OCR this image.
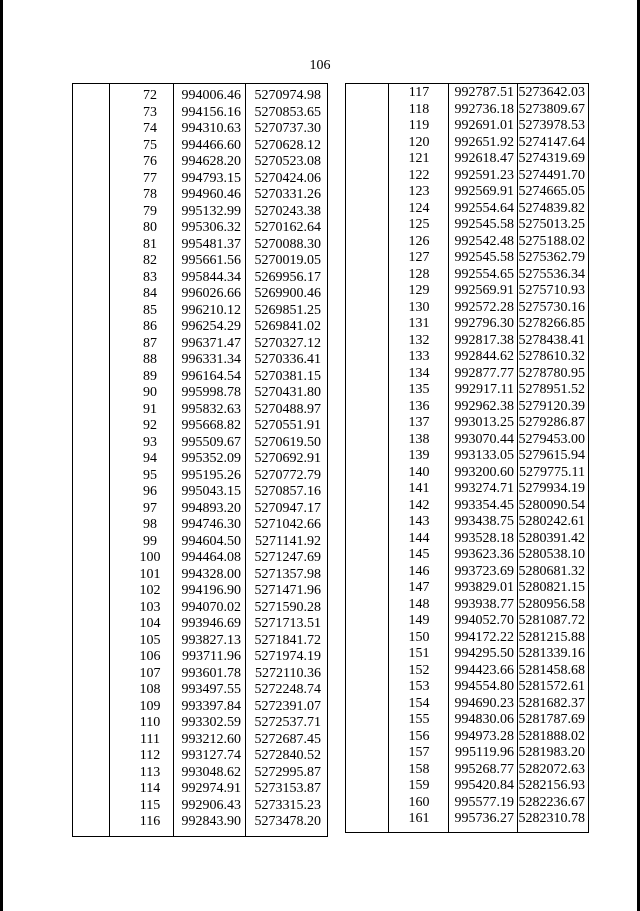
106
72	994006.46 5270974.98
73	994156.16 5270853.65
74	994310.63 5270737.30
75	994466.60 5270628.12
76	994628.20 5270523.08
77	994793.15 5270424.06
78	994960.46 5270331.26
79	995132.99 5270243.38
80	995306.32 5270162.64
81	995481.37 5270088.30
82	995661.56 5270019.05
83	995844.34 5269956.17
84	996026.66 5269900.46
85	996210.12 5269851.25
86	996254.29 5269841.02
87	996371.47 5270327.12
88	996331.34 5270336.41
89	996164.54 5270381.15
90	995998.78 5270431.80
91	995832.63 5270488.97
92	995668.82 5270551.91
93	995509.67 5270619.50
94	995352.09 5270692.91
95	995195.26 5270772.79
96	995043.15 5270857.16
97	994893.20 5270947.17
98	994746.30 5271042.66
99	994604.50	5271141.92
100	994464.08 5271247.69
101	994328.00 5271357.98
102	994196.90 5271471.96
103	994070.02 5271590.28
104	993946.69 5271713.51
105	993827.13 5271841.72
106	993711.96 5271974.19
107	993601.78	5272110.36
108	993497.55 5272248.74
109	993397.84 5272391.07
110	993302.59 5272537.71
111	993212.60 5272687.45
112	993127.74 5272840.52
113	993048.62 5272995.87
114	992974.91 5273153.87
115	992906.43 5273315.23
116	992843.90 5273478.20
117	992787.51 5273642.03
118	992736.18 5273809.67
119	992691.01 5273978.53
120	992651.92 5274147.64
121	992618.47 5274319.69
122	992591.23 5274491.70
123	992569.91 5274665.05
124	992554.64 5274839.82
125	992545.58 5275013.25
126	992542.48 5275188.02
127	992545.58 5275362.79
128	992554.65 5275536.34
129	992569.91 5275710.93
130	992572.28 5275730.16
131	992796.30 5278266.85
132	992817.38 5278438.41
133	992844.62 5278610.32
134	992877.77 5278780.95
135	992917.11 5278951.52
136	992962.38 5279120.39
137	993013.25 5279286.87
138	993070.44 5279453.00
139	993133.05 5279615.94
140	993200.60 5279775.11
141	993274.71 5279934.19
142	993354.45 5280090.54
143	993438.75 5280242.61
144	993528.18 5280391.42
145	993623.36 5280538.10
146	993723.69 5280681.32
147	993829.01 5280821.15
148	993938.77 5280956.58
149	994052.70 5281087.72
150	994172.22 5281215.88
151	994295.50 5281339.16
152	994423.66 5281458.68
153	994554.80 5281572.61
154	994690.23 5281682.37
155	994830.06 5281787.69
156	994973.28 5281888.02
157	995119.96 5281983.20
158	995268.77 5282072.63
159	995420.84 5282156.93
160	995577.19 5282236.67
161	995736.27 5282310.78
